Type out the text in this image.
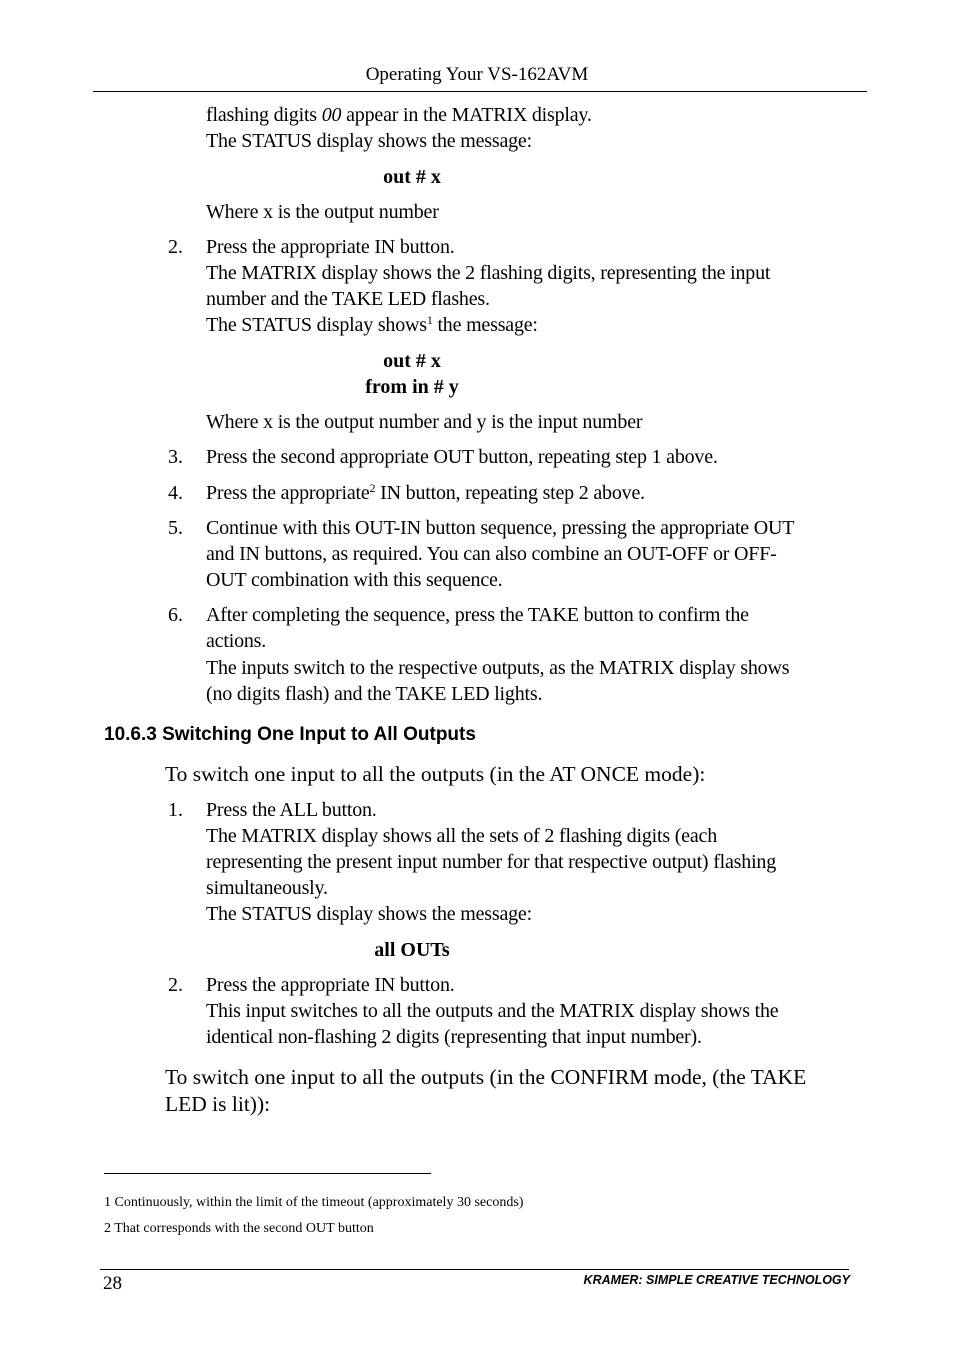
Operating Your VS-162AVM
flashing digits 00 appear in the MATRIX display.
The STATUS display shows the message:
out # x
Where x is the output number
2. Press the appropriate IN button.
The MATRIX display shows the 2 flashing digits, representing the input
number and the TAKE LED flashes.
The STATUS display shows$^1$ the message:
out # x
from in # y
Where x is the output number and y is the input number
3. Press the second appropriate OUT button, repeating step 1 above.
4. Press the appropriate$^2$ IN button, repeating step 2 above.
5. Continue with this OUT-IN button sequence, pressing the appropriate OUT
and IN buttons, as required. You can also combine an OUT-OFF or OFF-
OUT combination with this sequence.
6. After completing the sequence, press the TAKE button to confirm the
actions.
The inputs switch to the respective outputs, as the MATRIX display shows
(no digits flash) and the TAKE LED lights.
10.6.3 Switching One Input to All Outputs
To switch one input to all the outputs (in the AT ONCE mode):
1. Press the ALL button.
The MATRIX display shows all the sets of 2 flashing digits (each
representing the present input number for that respective output) flashing
simultaneously.
The STATUS display shows the message:
all OUTs
2. Press the appropriate IN button.
This input switches to all the outputs and the MATRIX display shows the
identical non-flashing 2 digits (representing that input number).
To switch one input to all the outputs (in the CONFIRM mode, (the TAKE
LED is lit)):
1 Continuously, within the limit of the timeout (approximately 30 seconds)
2 That corresponds with the second OUT button
28	KRAMER: SIMPLE CREATIVE TECHNOLOGY
